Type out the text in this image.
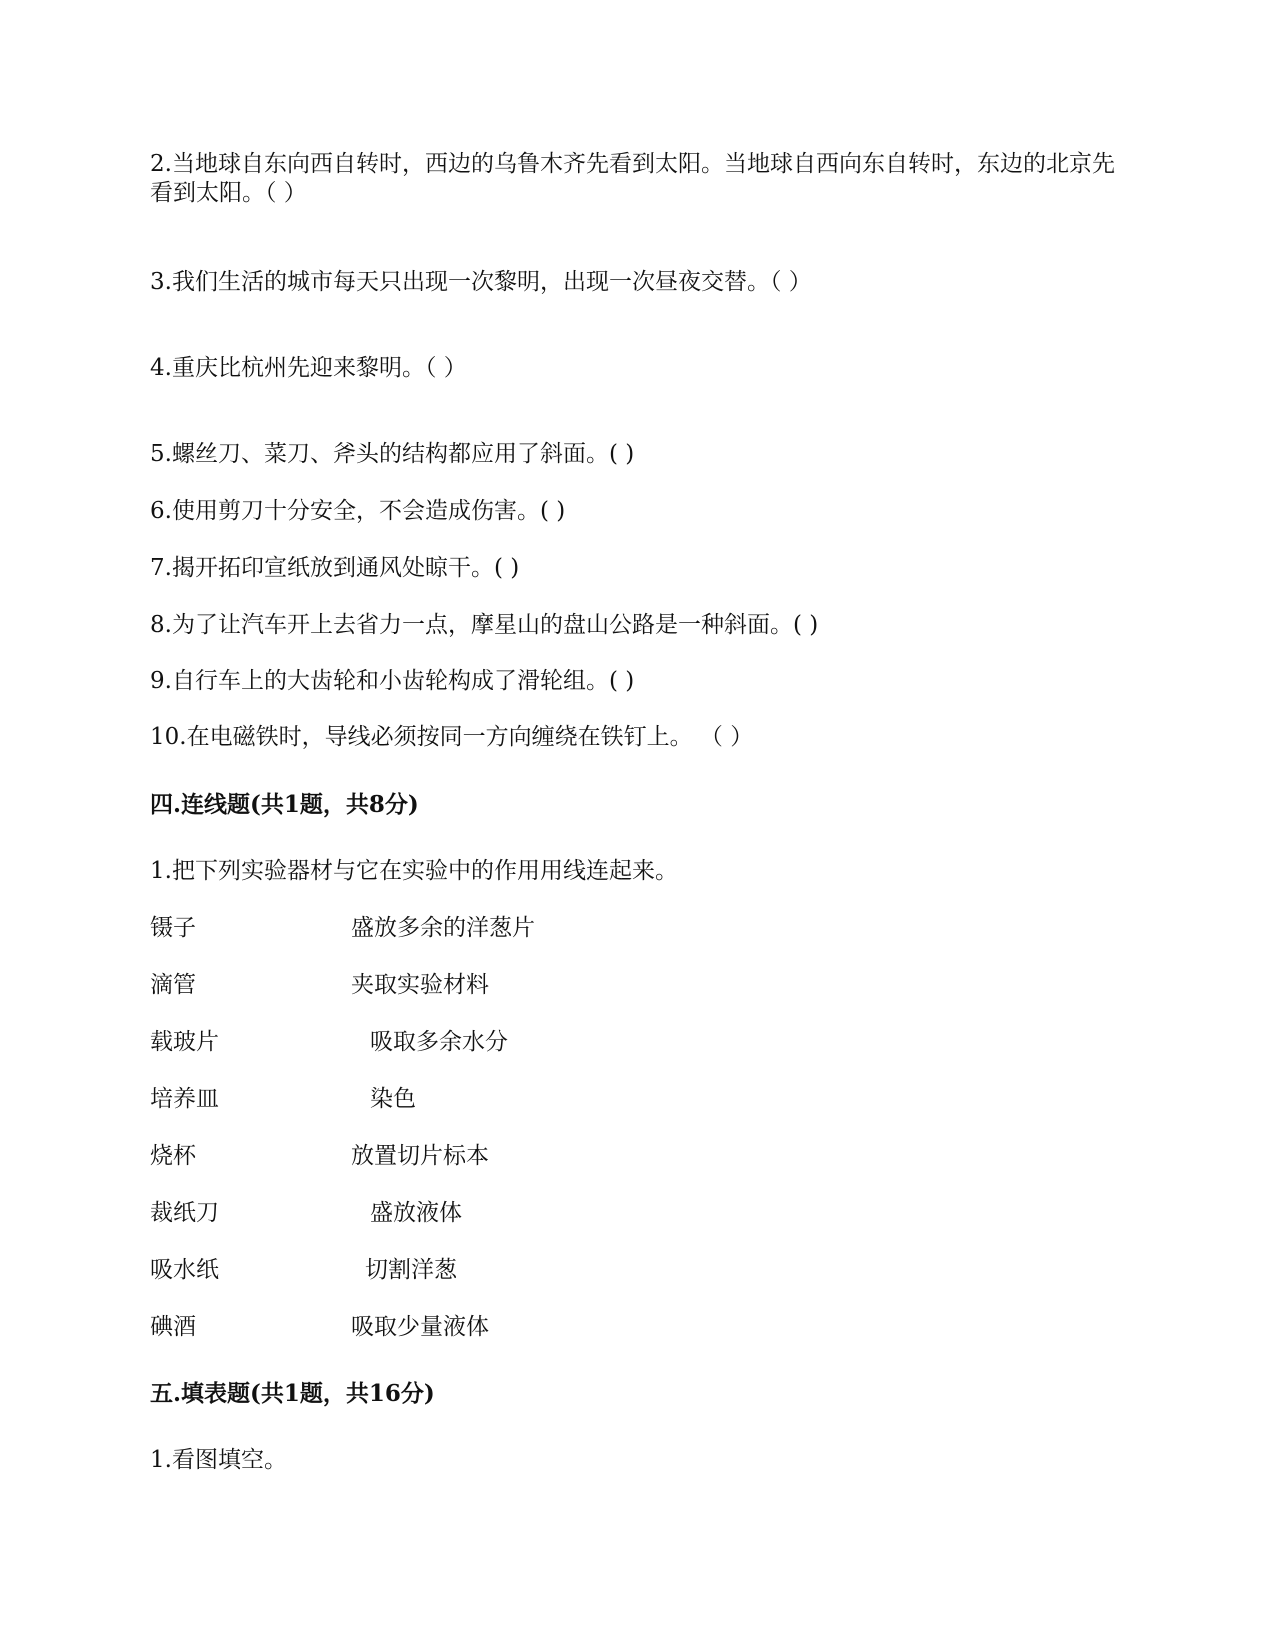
2.当地球自东向西自转时，西边的乌鲁木齐先看到太阳。当地球自西向东自转时，东边的北京先看到太阳。（ ）
3.我们生活的城市每天只出现一次黎明，出现一次昼夜交替。（ ）
4.重庆比杭州先迎来黎明。（ ）
5.螺丝刀、菜刀、斧头的结构都应用了斜面。( )
6.使用剪刀十分安全，不会造成伤害。( )
7.揭开拓印宣纸放到通风处晾干。( )
8.为了让汽车开上去省力一点，摩星山的盘山公路是一种斜面。( )
9.自行车上的大齿轮和小齿轮构成了滑轮组。( )
10.在电磁铁时，导线必须按同一方向缠绕在铁钉上。 （ ）
四.连线题(共1题，共8分)
1.把下列实验器材与它在实验中的作用用线连起来。
镊子	盛放多余的洋葱片
滴管	夹取实验材料
载玻片	吸取多余水分
培养皿	染色
烧杯	放置切片标本
裁纸刀	盛放液体
吸水纸	切割洋葱
碘酒	吸取少量液体
五.填表题(共1题，共16分)
1.看图填空。
